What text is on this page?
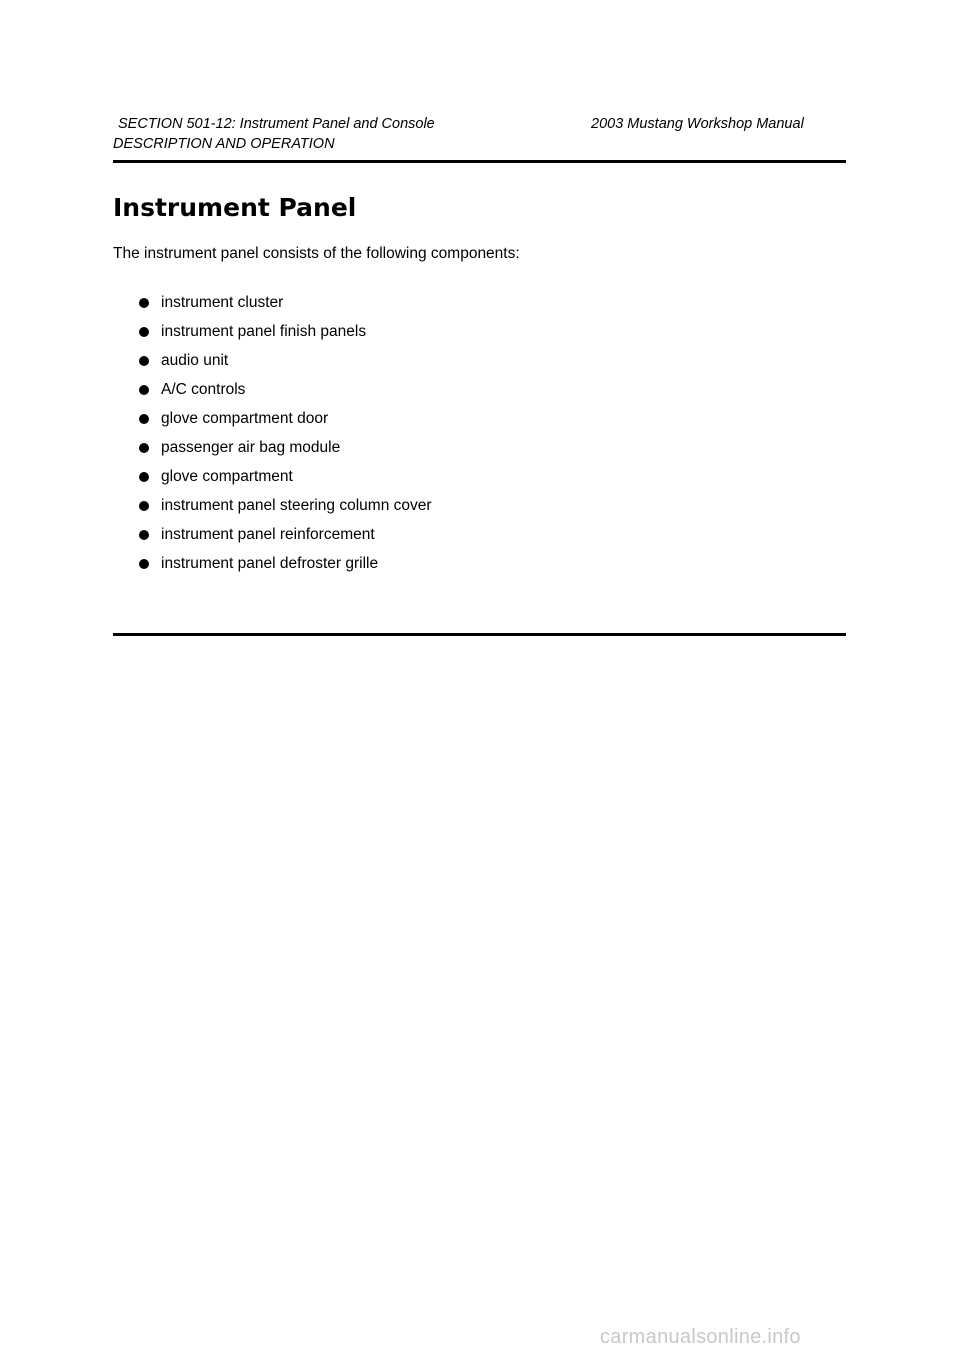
SECTION 501-12: Instrument Panel and Console	2003 Mustang Workshop Manual
DESCRIPTION AND OPERATION
Instrument Panel
The instrument panel consists of the following components:
instrument cluster
instrument panel finish panels
audio unit
A/C controls
glove compartment door
passenger air bag module
glove compartment
instrument panel steering column cover
instrument panel reinforcement
instrument panel defroster grille
carmanualsonline.info
